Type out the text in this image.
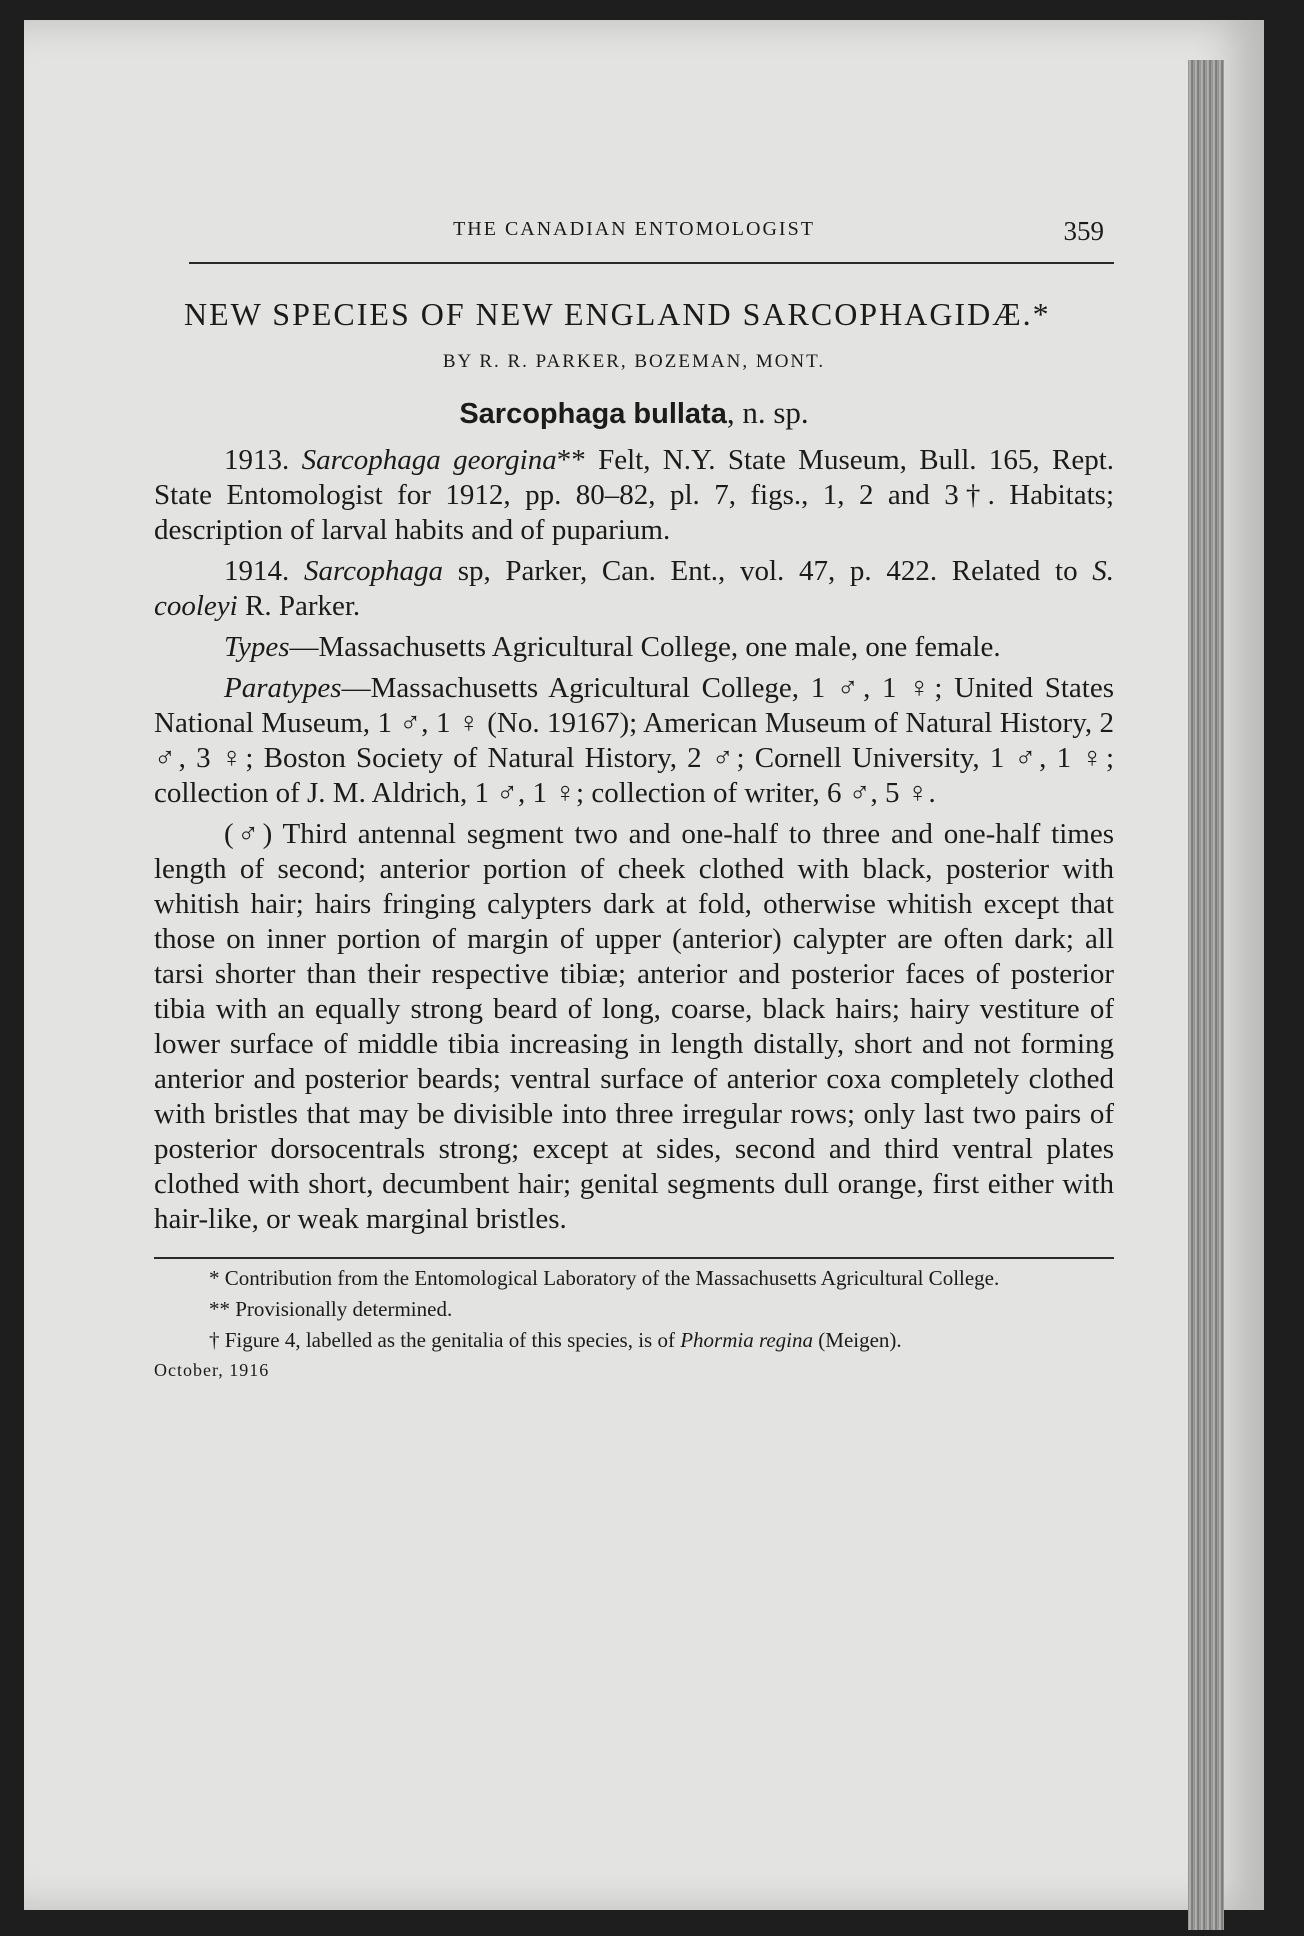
THE CANADIAN ENTOMOLOGIST	359
NEW SPECIES OF NEW ENGLAND SARCOPHAGIDÆ.*
BY R. R. PARKER, BOZEMAN, MONT.
Sarcophaga bullata, n. sp.

1913. Sarcophaga georgina** Felt, N.Y. State Museum, Bull. 165, Rept. State Entomologist for 1912, pp. 80–82, pl. 7, figs., 1, 2 and 3†. Habitats; description of larval habits and of puparium.

1914. Sarcophaga sp, Parker, Can. Ent., vol. 47, p. 422. Related to S. cooleyi R. Parker.

Types—Massachusetts Agricultural College, one male, one female.

Paratypes—Massachusetts Agricultural College, 1 ♂, 1 ♀; United States National Museum, 1 ♂, 1 ♀ (No. 19167); American Museum of Natural History, 2 ♂, 3 ♀; Boston Society of Natural History, 2 ♂; Cornell University, 1 ♂, 1 ♀; collection of J. M. Aldrich, 1 ♂, 1 ♀; collection of writer, 6 ♂, 5 ♀.

(♂) Third antennal segment two and one-half to three and one-half times length of second; anterior portion of cheek clothed with black, posterior with whitish hair; hairs fringing calypters dark at fold, otherwise whitish except that those on inner portion of margin of upper (anterior) calypter are often dark; all tarsi shorter than their respective tibiæ; anterior and posterior faces of posterior tibia with an equally strong beard of long, coarse, black hairs; hairy vestiture of lower surface of middle tibia increasing in length distally, short and not forming anterior and posterior beards; ventral surface of anterior coxa completely clothed with bristles that may be divisible into three irregular rows; only last two pairs of posterior dorsocentrals strong; except at sides, second and third ventral plates clothed with short, decumbent hair; genital segments dull orange, first either with hair-like, or weak marginal bristles.

* Contribution from the Entomological Laboratory of the Massachusetts Agricultural College.
** Provisionally determined.
† Figure 4, labelled as the genitalia of this species, is of Phormia regina (Meigen).
October, 1916
